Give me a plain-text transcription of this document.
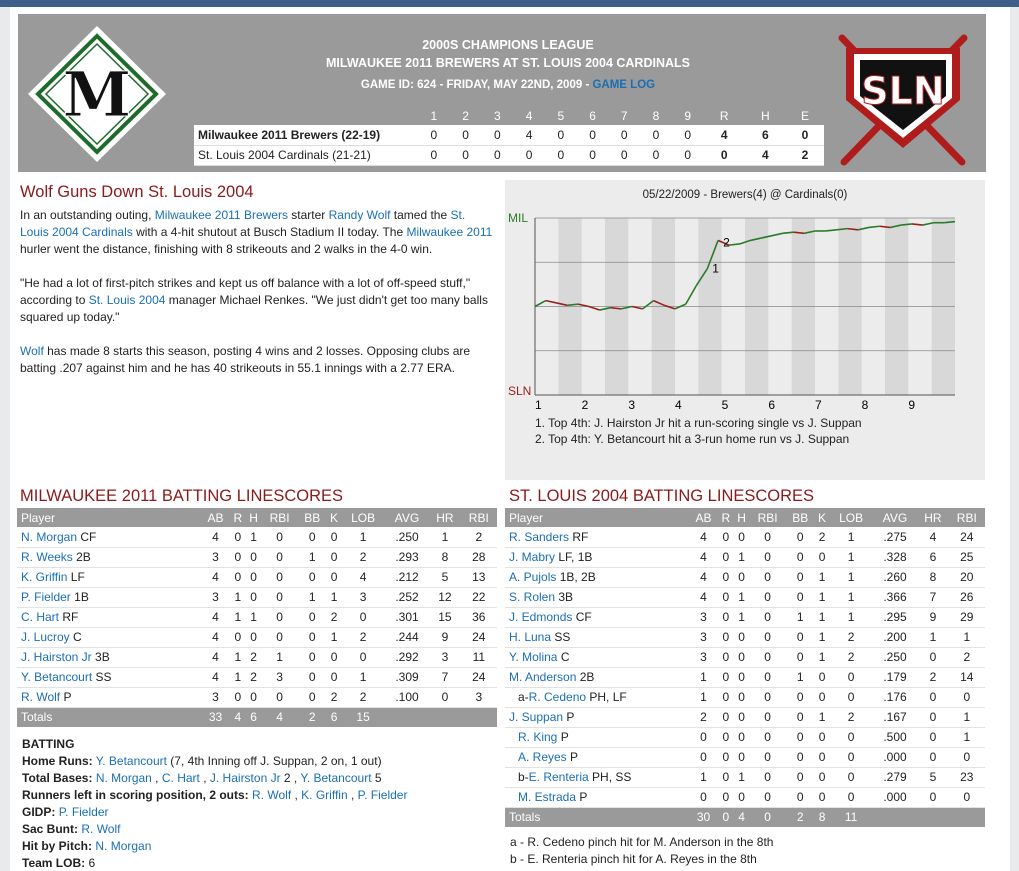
M
2000S CHAMPIONS LEAGUE
MILWAUKEE 2011 BREWERS AT ST. LOUIS 2004 CARDINALS
GAME ID: 624 - FRIDAY, MAY 22ND, 2009 - GAME LOG
	1	2	3	4	5	6	7	8	9	R	H	E
Milwaukee 2011 Brewers (22-19)	0	0	0	4	0	0	0	0	0	4	6	0
St. Louis 2004 Cardinals (21-21)	0	0	0	0	0	0	0	0	0	0	4	2
SLN
Wolf Guns Down St. Louis 2004

In an outstanding outing, Milwaukee 2011 Brewers starter Randy Wolf tamed the St. Louis 2004 Cardinals with a 4-hit shutout at Busch Stadium II today. The Milwaukee 2011 hurler went the distance, finishing with 8 strikeouts and 2 walks in the 4-0 win.

"He had a lot of first-pitch strikes and kept us off balance with a lot of off-speed stuff," according to St. Louis 2004 manager Michael Renkes. "We just didn't get too many balls squared up today."

Wolf has made 8 starts this season, posting 4 wins and 2 losses. Opposing clubs are batting .207 against him and he has 40 strikeouts in 55.1 innings with a 2.77 ERA.

05/22/2009 - Brewers(4) @ Cardinals(0)
MIL
SLN
1	2	3	4	5	6	7	8	9
1
2
1. Top 4th: J. Hairston Jr hit a run-scoring single vs J. Suppan
2. Top 4th: Y. Betancourt hit a 3-run home run vs J. Suppan
MILWAUKEE 2011 BATTING LINESCORES
Player	AB	R	H	RBI	BB	K	LOB	AVG	HR	RBI
N. Morgan CF	4	0	1	0	0	0	1	.250	1	2
R. Weeks 2B	3	0	0	0	1	0	2	.293	8	28
K. Griffin LF	4	0	0	0	0	0	4	.212	5	13
P. Fielder 1B	3	1	0	0	1	1	3	.252	12	22
C. Hart RF	4	1	1	0	0	2	0	.301	15	36
J. Lucroy C	4	0	0	0	0	1	2	.244	9	24
J. Hairston Jr 3B	4	1	2	1	0	0	0	.292	3	11
Y. Betancourt SS	4	1	2	3	0	0	1	.309	7	24
R. Wolf P	3	0	0	0	0	2	2	.100	0	3
Totals	33	4	6	4	2	6	15			
ST. LOUIS 2004 BATTING LINESCORES
Player	AB	R	H	RBI	BB	K	LOB	AVG	HR	RBI
R. Sanders RF	4	0	0	0	0	2	1	.275	4	24
J. Mabry LF, 1B	4	0	1	0	0	0	1	.328	6	25
A. Pujols 1B, 2B	4	0	0	0	0	1	1	.260	8	20
S. Rolen 3B	4	0	1	0	0	1	1	.366	7	26
J. Edmonds CF	3	0	1	0	1	1	1	.295	9	29
H. Luna SS	3	0	0	0	0	1	2	.200	1	1
Y. Molina C	3	0	0	0	0	1	2	.250	0	2
M. Anderson 2B	1	0	0	0	1	0	0	.179	2	14
a-R. Cedeno PH, LF	1	0	0	0	0	0	0	.176	0	0
J. Suppan P	2	0	0	0	0	1	2	.167	0	1
R. King P	0	0	0	0	0	0	0	.500	0	1
A. Reyes P	0	0	0	0	0	0	0	.000	0	0
b-E. Renteria PH, SS	1	0	1	0	0	0	0	.279	5	23
M. Estrada P	0	0	0	0	0	0	0	.000	0	0
Totals	30	0	4	0	2	8	11			
BATTING
Home Runs: Y. Betancourt (7, 4th Inning off J. Suppan, 2 on, 1 out)
Total Bases: N. Morgan , C. Hart , J. Hairston Jr 2 , Y. Betancourt 5
Runners left in scoring position, 2 outs: R. Wolf , K. Griffin , P. Fielder
GIDP: P. Fielder
Sac Bunt: R. Wolf
Hit by Pitch: N. Morgan
Team LOB: 6
a - R. Cedeno pinch hit for M. Anderson in the 8th
b - E. Renteria pinch hit for A. Reyes in the 8th
